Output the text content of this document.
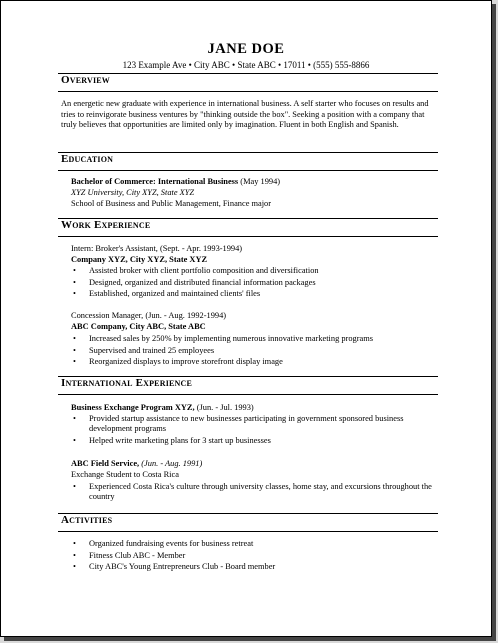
JANE DOE
123 Example Ave • City ABC • State ABC • 17011 • (555) 555-8866
Overview
An energetic new graduate with experience in international business. A self starter who focuses on results and tries to reinvigorate business ventures by "thinking outside the box". Seeking a position with a company that truly believes that opportunities are limited only by imagination. Fluent in both English and Spanish.
Education
Bachelor of Commerce: International Business (May 1994)
XYZ University, City XYZ, State XYZ
School of Business and Public Management, Finance major
Work Experience
Intern: Broker's Assistant, (Sept. - Apr. 1993-1994)
Company XYZ, City XYZ, State XYZ
• Assisted broker with client portfolio composition and diversification
• Designed, organized and distributed financial information packages
• Established, organized and maintained clients' files
Concession Manager, (Jun. - Aug. 1992-1994)
ABC Company, City ABC, State ABC
• Increased sales by 250% by implementing numerous innovative marketing programs
• Supervised and trained 25 employees
• Reorganized displays to improve storefront display image
International Experience
Business Exchange Program XYZ, (Jun. - Jul. 1993)
• Provided startup assistance to new businesses participating in government sponsored business development programs
• Helped write marketing plans for 3 start up businesses
ABC Field Service, (Jun. - Aug. 1991)
Exchange Student to Costa Rica
• Experienced Costa Rica's culture through university classes, home stay, and excursions throughout the country
Activities
• Organized fundraising events for business retreat
• Fitness Club ABC - Member
• City ABC's Young Entrepreneurs Club - Board member
